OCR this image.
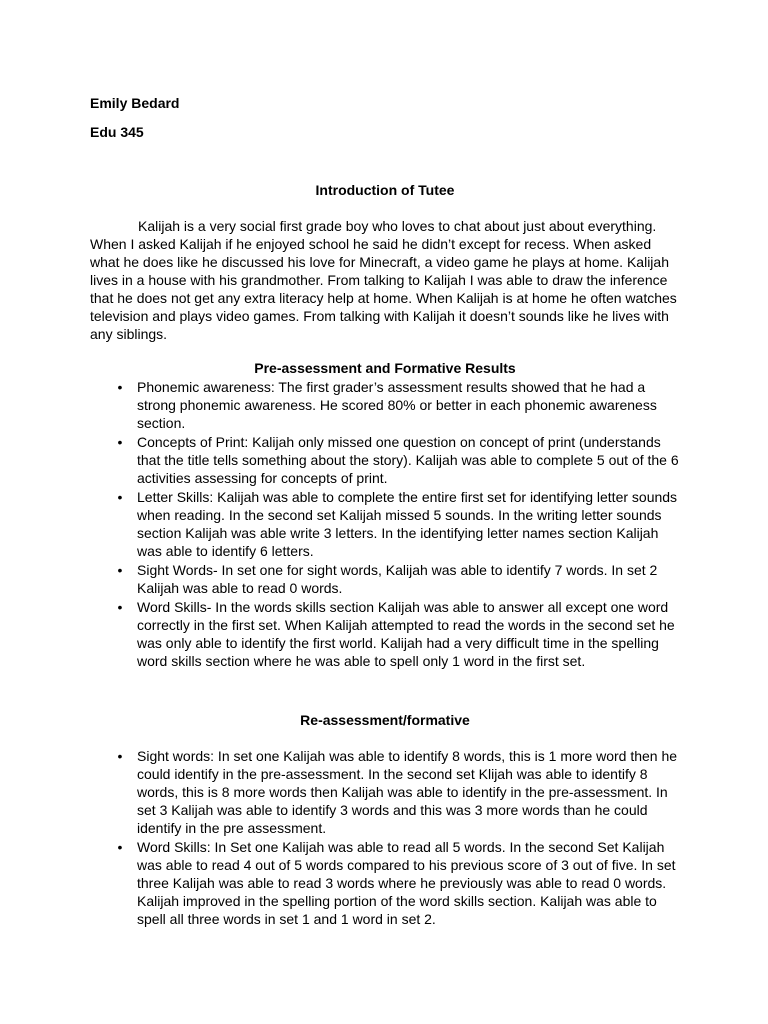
Emily Bedard
Edu 345
Introduction of Tutee

Kalijah is a very social first grade boy who loves to chat about just about everything. When I asked Kalijah if he enjoyed school he said he didn’t except for recess. When asked what he does like he discussed his love for Minecraft, a video game he plays at home. Kalijah lives in a house with his grandmother. From talking to Kalijah I was able to draw the inference that he does not get any extra literacy help at home. When Kalijah is at home he often watches television and plays video games. From talking with Kalijah it doesn’t sounds like he lives with any siblings.

Pre-assessment and Formative Results
• Phonemic awareness: The first grader’s assessment results showed that he had a strong phonemic awareness. He scored 80% or better in each phonemic awareness section.
• Concepts of Print: Kalijah only missed one question on concept of print (understands that the title tells something about the story). Kalijah was able to complete 5 out of the 6 activities assessing for concepts of print.
• Letter Skills: Kalijah was able to complete the entire first set for identifying letter sounds when reading. In the second set Kalijah missed 5 sounds. In the writing letter sounds section Kalijah was able write 3 letters. In the identifying letter names section Kalijah was able to identify 6 letters.
• Sight Words- In set one for sight words, Kalijah was able to identify 7 words. In set 2 Kalijah was able to read 0 words.
• Word Skills- In the words skills section Kalijah was able to answer all except one word correctly in the first set. When Kalijah attempted to read the words in the second set he was only able to identify the first world. Kalijah had a very difficult time in the spelling word skills section where he was able to spell only 1 word in the first set.
Re-assessment/formative
• Sight words: In set one Kalijah was able to identify 8 words, this is 1 more word then he could identify in the pre-assessment. In the second set Klijah was able to identify 8 words, this is 8 more words then Kalijah was able to identify in the pre-assessment. In set 3 Kalijah was able to identify 3 words and this was 3 more words than he could identify in the pre assessment.
• Word Skills: In Set one Kalijah was able to read all 5 words. In the second Set Kalijah was able to read 4 out of 5 words compared to his previous score of 3 out of five. In set three Kalijah was able to read 3 words where he previously was able to read 0 words. Kalijah improved in the spelling portion of the word skills section. Kalijah was able to spell all three words in set 1 and 1 word in set 2.
